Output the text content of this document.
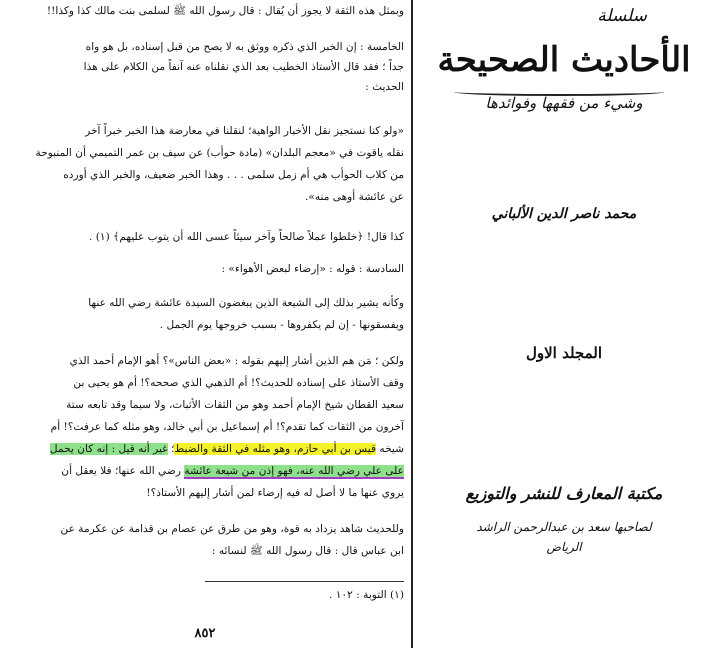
وبمثل هذه الثقة لا يجوز أن يُقال : قال رسول الله ﷺ لسلمى بنت مالك كذا وكذا!!
الخامسة : إن الخبر الذي ذكره ووثق به لا يصح من قبل إسناده، بل هو واه
جداً ؛ فقد قال الأستاذ الخطيب بعد الذي نقلناه عنه آنفاً من الكلام على هذا
الحديث :
«ولو كنا نستجيز نقل الأخبار الواهية؛ لنقلنا في معارضة هذا الخبر خبراً آخر
نقله ياقوت في «معجم البلدان» (مادة حوأب) عن سيف بن عمر التميمي أن المنبوحة
من كلاب الحوأب هي أم زمل سلمى . . . وهذا الخبر ضعيف، والخبر الذي أورده
عن عائشة أوهى منه».
كذا قال! ﴿خلطوا عملاً صالحاً وآخر سيئاً عسى الله أن يتوب عليهم﴾ (١) .
السادسة : قوله : «إرضاء لبعض الأهواء» :
وكأنه يشير بذلك إلى الشيعة الذين يبغضون السيدة عائشة رضي الله عنها
ويفسقونها - إن لم يكفروها - بسبب خروجها يوم الجمل .
ولكن ؛ مَن هم الذين أشار إليهم بقوله : «بعض الناس»؟ أهو الإمام أحمد الذي
وقف الأستاذ على إسناده للحديث؟! أم الذهبي الذي صححه؟! أم هو يحيى بن
سعيد القطان شيخ الإمام أحمد وهو من الثقات الأثبات، ولا سيما وقد تابعه ستة
آخرون من الثقات كما تقدم؟! أم إسماعيل بن أبي خالد، وهو مثله كما عرفت؟! أم
شيخه قيس بن أبي حازم، وهو مثله في الثقة والضبط؛ غير أنه قيل : إنه كان يحمل
على علي رضي الله عنه، فهو إذن من شيعة عائشة رضي الله عنها؛ فلا يعقل أن
يروي عنها ما لا أصل له فيه إرضاء لمن أشار إليهم الأستاذ؟!
وللحديث شاهد يزداد به قوة، وهو من طرق عن عصام بن قدامة عن عكرمة عن
ابن عباس قال : قال رسول الله ﷺ لنسائه :
(١) التوبة : ١٠٢ .
٨٥٢
سلسلة
الأحاديث الصحيحة
وشيء من فقهها وفوائدها
محمد ناصر الدين الألباني
المجلد الاول
مكتبة المعارف للنشر والتوزيع
لصاحبها سعد بن عبدالرحمن الراشد
الرياض
